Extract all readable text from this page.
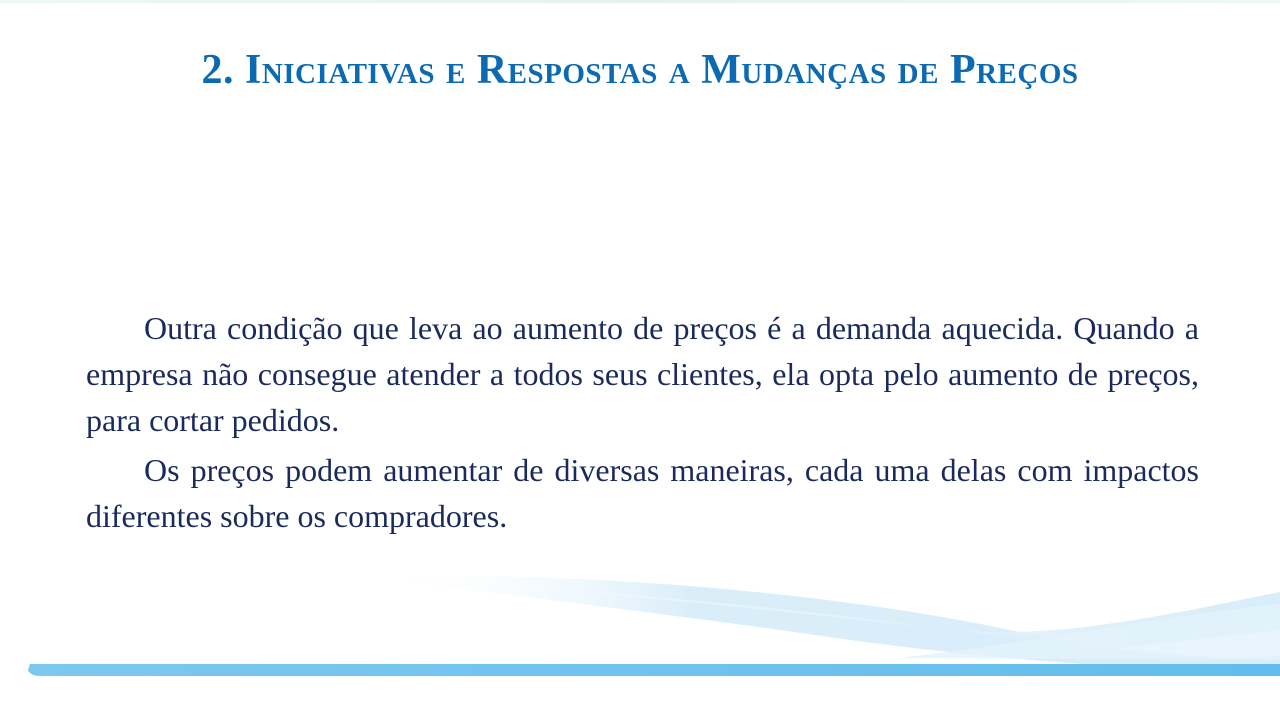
2. Iniciativas e Respostas a Mudanças de Preços

Outra condição que leva ao aumento de preços é a demanda aquecida. Quando a empresa não consegue atender a todos seus clientes, ela opta pelo aumento de preços, para cortar pedidos.

Os preços podem aumentar de diversas maneiras, cada uma delas com impactos diferentes sobre os compradores.
